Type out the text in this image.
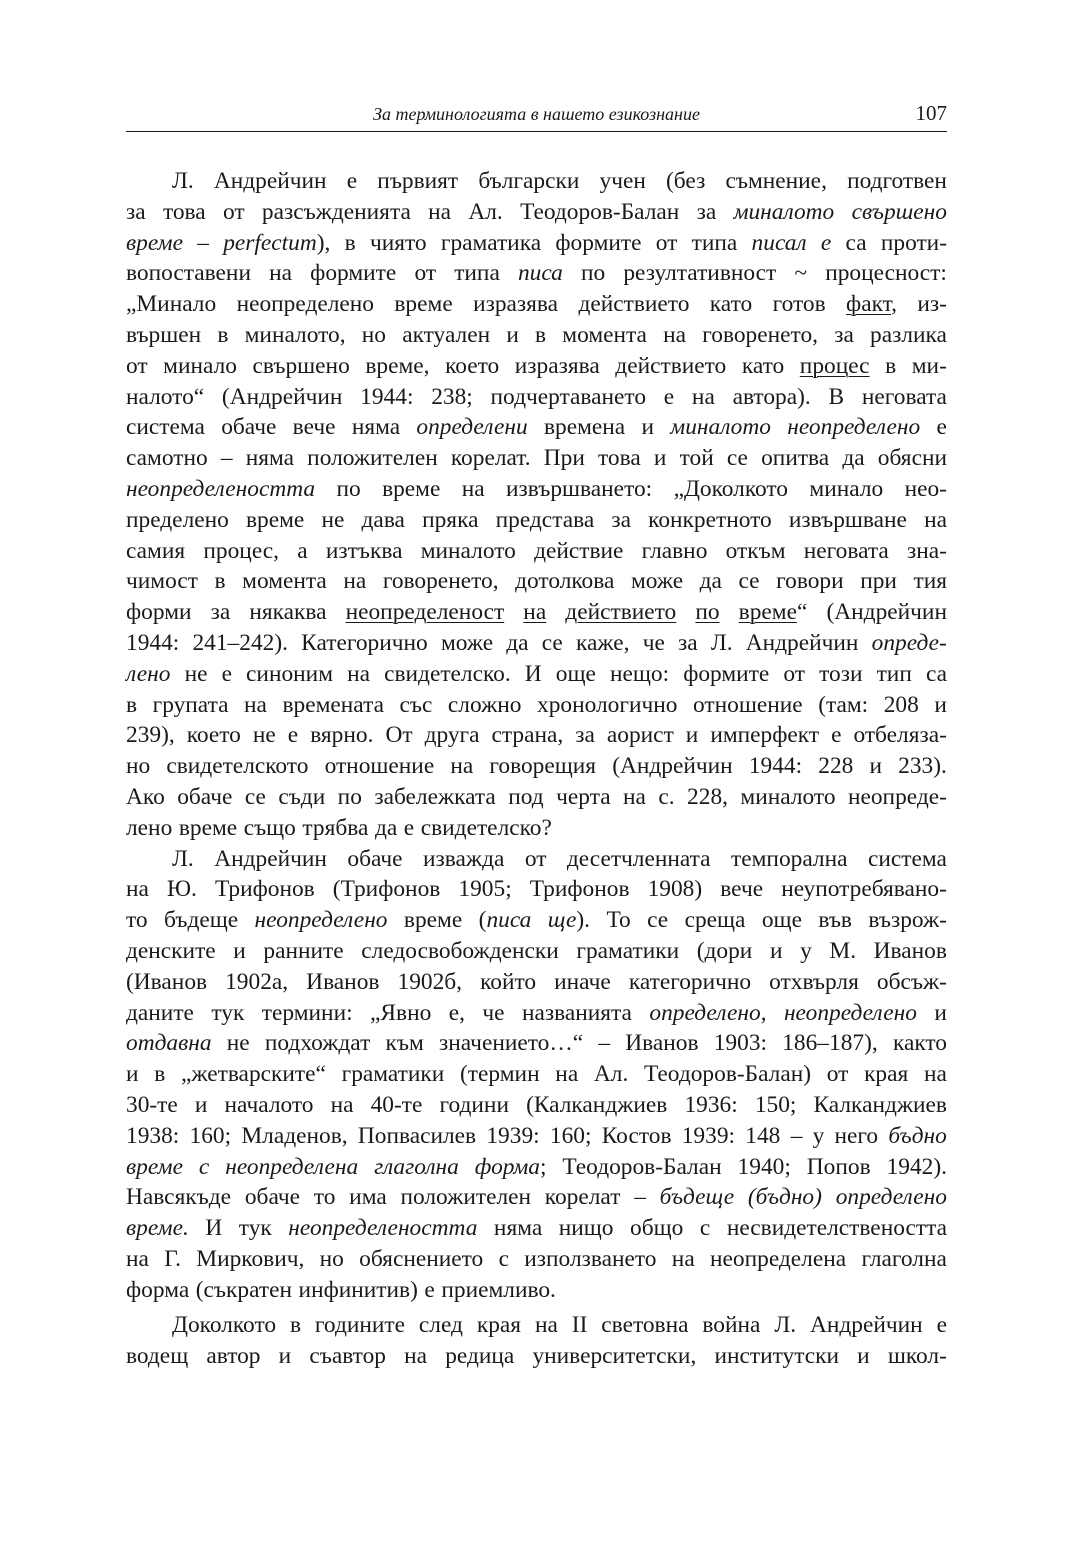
За терминологията в нашето езикознание	107
Л. Андрейчин е първият български учен (без съмнение, подготвен
за това от разсъжденията на Ал. Теодоров-Балан за миналото свършено
време – perfectum), в чиято граматика формите от типа писал е са проти-
вопоставени на формите от типа писа по резултативност ~ процесност:
„Минало неопределено време изразява действието като готов факт, из-
вършен в миналото, но актуален и в момента на говоренето, за разлика
от минало свършено време, което изразява действието като процес в ми-
налото“ (Андрейчин 1944: 238; подчертаването е на автора). В неговата
система обаче вече няма определени времена и миналото неопределено е
самотно – няма положителен корелат. При това и той се опитва да обясни
неопределеността по време на извършването: „Доколкото минало нео-
пределено време не дава пряка представа за конкретното извършване на
самия процес, а изтъква миналото действие главно откъм неговата зна-
чимост в момента на говоренето, дотолкова може да се говори при тия
форми за някаква неопределеност на действието по време“ (Андрейчин
1944: 241–242). Категорично може да се каже, че за Л. Андрейчин опреде-
лено не е синоним на свидетелско. И още нещо: формите от този тип са
в групата на времената със сложно хронологично отношение (там: 208 и
239), което не е вярно. От друга страна, за аорист и имперфект е отбелязa-
но свидетелското отношение на говорещия (Андрейчин 1944: 228 и 233).
Ако обаче се съди по забележката под черта на с. 228, миналото неопреде-
лено време също трябва да е свидетелско?
Л. Андрейчин обаче изважда от десетчленната темпорална система
на Ю. Трифонов (Трифонов 1905; Трифонов 1908) вече неупотребявано-
то бъдеще неопределено време (писа ще). То се среща още във възрож-
денските и ранните следосвобожденски граматики (дори и у М. Иванов
(Иванов 1902а, Иванов 1902б, който иначе категорично отхвърля обсъж-
даните тук термини: „Явно е, че названията определено, неопределено и
отдавна не подхождат към значението…“ – Иванов 1903: 186–187), както
и в „жетварските“ граматики (термин на Ал. Теодоров-Балан) от края на
30-те и началото на 40-те години (Калканджиев 1936: 150; Калканджиев
1938: 160; Младенов, Попвасилев 1939: 160; Костов 1939: 148 – у него бъдно
време с неопределена глаголна форма; Теодоров-Балан 1940; Попов 1942).
Навсякъде обаче то има положителен корелат – бъдеще (бъдно) определено
време. И тук неопределеността няма нищо общо с несвидетелствеността
на Г. Миркович, но обяснението с използването на неопределена глаголна
форма (съкратен инфинитив) е приемливо.
Доколкото в годините след края на II световна война Л. Андрейчин е
водещ автор и съавтор на редица университетски, институтски и школ-
